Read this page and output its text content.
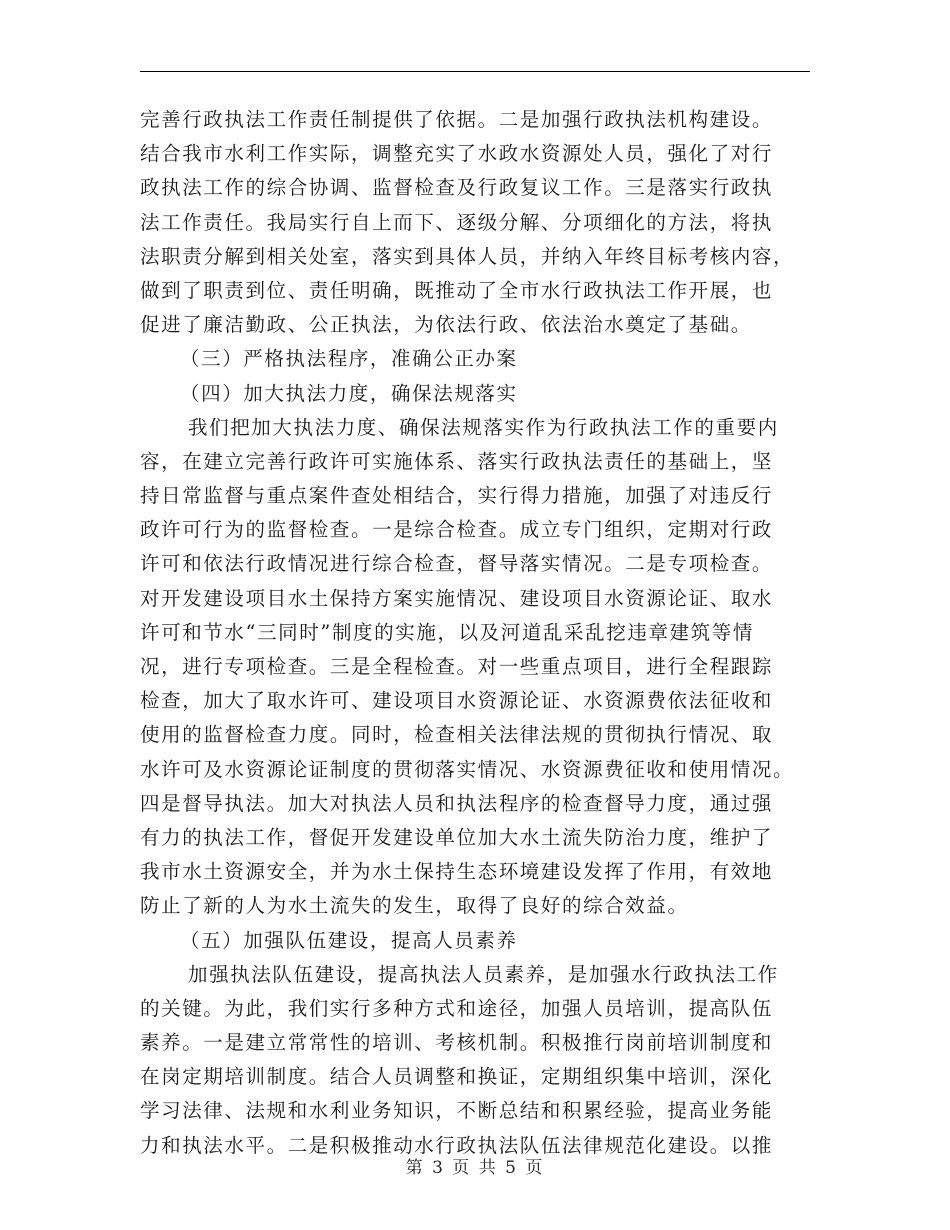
完善行政执法工作责任制提供了依据。二是加强行政执法机构建设。
结合我市水利工作实际，调整充实了水政水资源处人员，强化了对行
政执法工作的综合协调、监督检查及行政复议工作。三是落实行政执
法工作责任。我局实行自上而下、逐级分解、分项细化的方法，将执
法职责分解到相关处室，落实到具体人员，并纳入年终目标考核内容，
做到了职责到位、责任明确，既推动了全市水行政执法工作开展，也
促进了廉洁勤政、公正执法，为依法行政、依法治水奠定了基础。
（三）严格执法程序，准确公正办案
（四）加大执法力度，确保法规落实
我们把加大执法力度、确保法规落实作为行政执法工作的重要内
容，在建立完善行政许可实施体系、落实行政执法责任的基础上，坚
持日常监督与重点案件查处相结合，实行得力措施，加强了对违反行
政许可行为的监督检查。一是综合检查。成立专门组织，定期对行政
许可和依法行政情况进行综合检查，督导落实情况。二是专项检查。
对开发建设项目水土保持方案实施情况、建设项目水资源论证、取水
许可和节水“三同时”制度的实施，以及河道乱采乱挖违章建筑等情
况，进行专项检查。三是全程检查。对一些重点项目，进行全程跟踪
检查，加大了取水许可、建设项目水资源论证、水资源费依法征收和
使用的监督检查力度。同时，检查相关法律法规的贯彻执行情况、取
水许可及水资源论证制度的贯彻落实情况、水资源费征收和使用情况。
四是督导执法。加大对执法人员和执法程序的检查督导力度，通过强
有力的执法工作，督促开发建设单位加大水土流失防治力度，维护了
我市水土资源安全，并为水土保持生态环境建设发挥了作用，有效地
防止了新的人为水土流失的发生，取得了良好的综合效益。
（五）加强队伍建设，提高人员素养
加强执法队伍建设，提高执法人员素养，是加强水行政执法工作
的关键。为此，我们实行多种方式和途径，加强人员培训，提高队伍
素养。一是建立常常性的培训、考核机制。积极推行岗前培训制度和
在岗定期培训制度。结合人员调整和换证，定期组织集中培训，深化
学习法律、法规和水利业务知识，不断总结和积累经验，提高业务能
力和执法水平。二是积极推动水行政执法队伍法律规范化建设。以推
第 3 页 共 5 页
